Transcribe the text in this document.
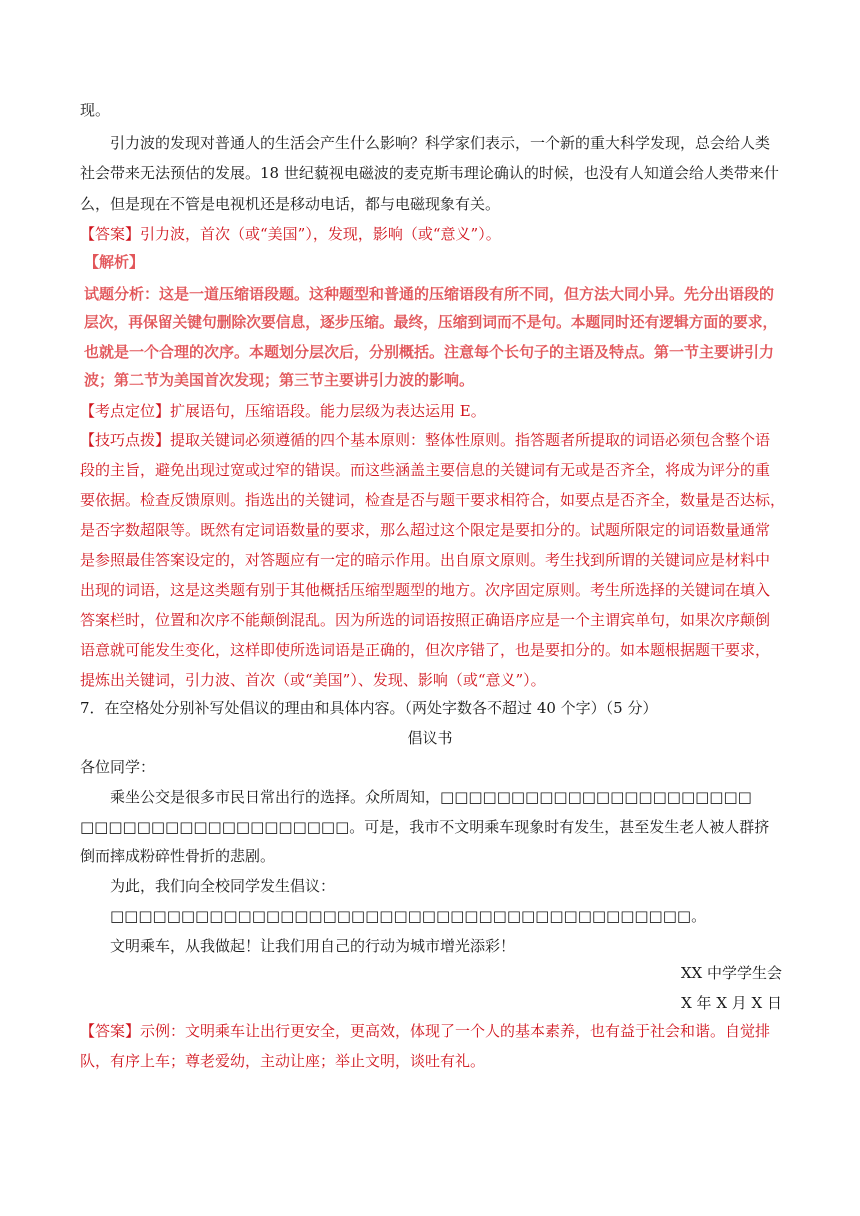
现。
引力波的发现对普通人的生活会产生什么影响？科学家们表示，一个新的重大科学发现，总会给人类
社会带来无法预估的发展。18 世纪藐视电磁波的麦克斯韦理论确认的时候，也没有人知道会给人类带来什
么，但是现在不管是电视机还是移动电话，都与电磁现象有关。
【答案】引力波，首次（或“美国”），发现，影响（或“意义”）。
【解析】
试题分析：这是一道压缩语段题。这种题型和普通的压缩语段有所不同，但方法大同小异。先分出语段的
层次，再保留关键句删除次要信息，逐步压缩。最终，压缩到词而不是句。本题同时还有逻辑方面的要求，
也就是一个合理的次序。本题划分层次后，分别概括。注意每个长句子的主语及特点。第一节主要讲引力
波；第二节为美国首次发现；第三节主要讲引力波的影响。
【考点定位】扩展语句，压缩语段。能力层级为表达运用 E。
【技巧点拨】提取关键词必须遵循的四个基本原则：整体性原则。指答题者所提取的词语必须包含整个语
段的主旨，避免出现过宽或过窄的错误。而这些涵盖主要信息的关键词有无或是否齐全，将成为评分的重
要依据。检查反馈原则。指选出的关键词，检查是否与题干要求相符合，如要点是否齐全，数量是否达标，
是否字数超限等。既然有定词语数量的要求，那么超过这个限定是要扣分的。试题所限定的词语数量通常
是参照最佳答案设定的，对答题应有一定的暗示作用。出自原文原则。考生找到所谓的关键词应是材料中
出现的词语，这是这类题有别于其他概括压缩型题型的地方。次序固定原则。考生所选择的关键词在填入
答案栏时，位置和次序不能颠倒混乱。因为所选的词语按照正确语序应是一个主谓宾单句，如果次序颠倒
语意就可能发生变化，这样即使所选词语是正确的，但次序错了，也是要扣分的。如本题根据题干要求，
提炼出关键词，引力波、首次（或“美国”）、发现、影响（或“意义”）。
7．在空格处分别补写处倡议的理由和具体内容。（两处字数各不超过 40 个字）（5 分）
倡议书
各位同学：
乘坐公交是很多市民日常出行的选择。众所周知，□□□□□□□□□□□□□□□□□□□□□□
□□□□□□□□□□□□□□□□□□□。可是，我市不文明乘车现象时有发生，甚至发生老人被人群挤
倒而摔成粉碎性骨折的悲剧。
为此，我们向全校同学发生倡议：
□□□□□□□□□□□□□□□□□□□□□□□□□□□□□□□□□□□□□□□□□。
文明乘车，从我做起！让我们用自己的行动为城市增光添彩！
XX 中学学生会
X 年 X 月 X 日
【答案】示例：文明乘车让出行更安全，更高效，体现了一个人的基本素养，也有益于社会和谐。自觉排
队，有序上车；尊老爱幼，主动让座；举止文明，谈吐有礼。
